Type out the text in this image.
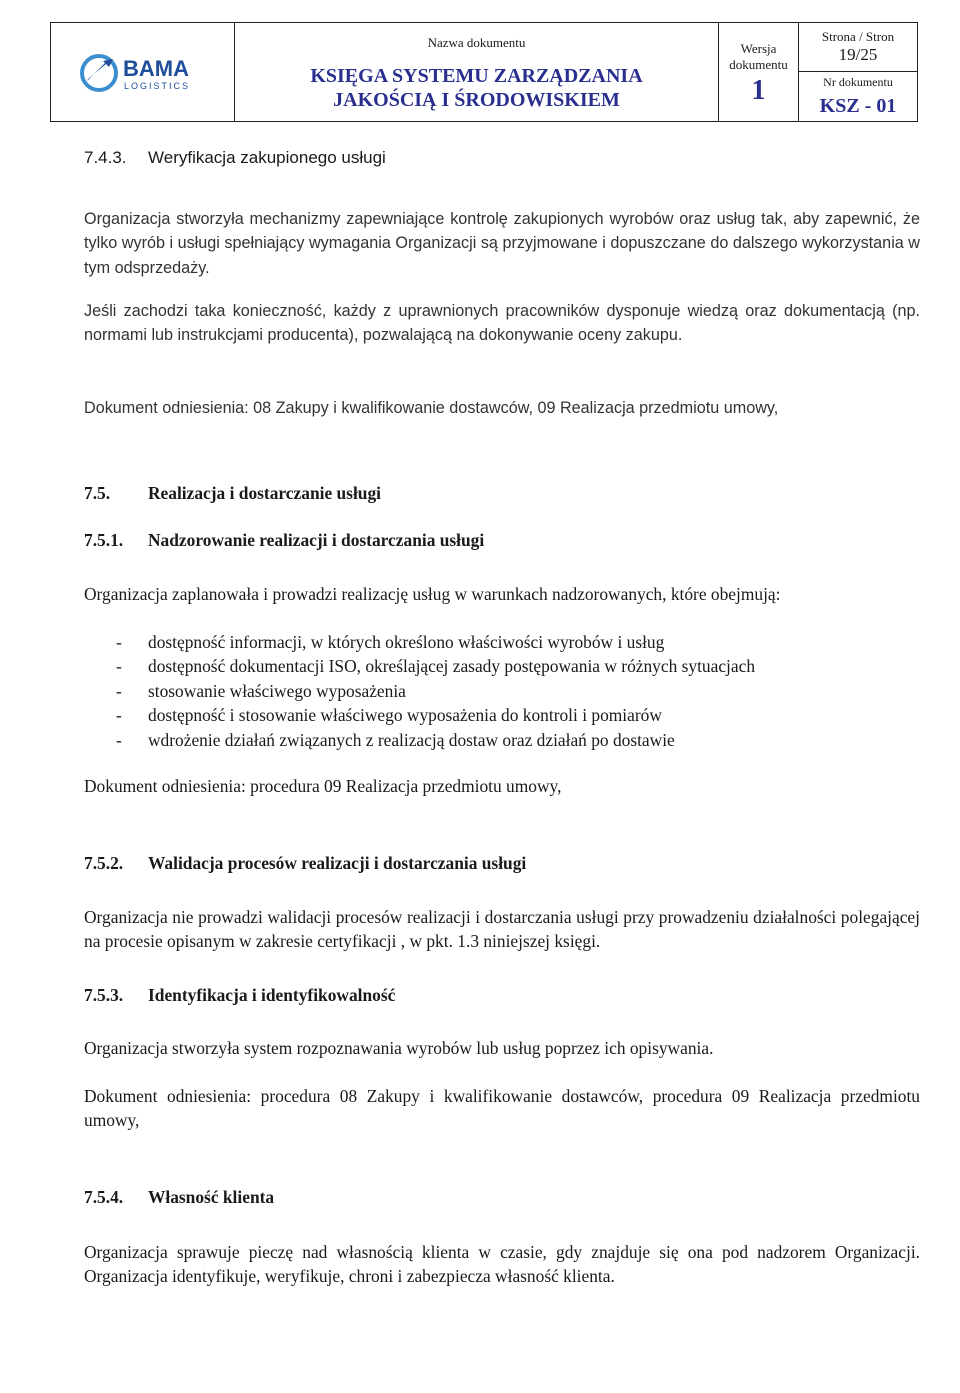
BAMA
LOGISTICS
Nazwa dokumentu
KSIĘGA SYSTEMU ZARZĄDZANIA
JAKOŚCIĄ I ŚRODOWISKIEM
Wersja
dokumentu
1
Strona / Stron
19/25
Nr dokumentu
KSZ - 01
7.4.3. Weryfikacja zakupionego usługi

Organizacja stworzyła mechanizmy zapewniające kontrolę zakupionych wyrobów oraz usług tak, aby zapewnić, że tylko wyrób i usługi spełniający wymagania Organizacji są przyjmowane i dopuszczane do dalszego wykorzystania w tym odsprzedaży.

Jeśli zachodzi taka konieczność, każdy z uprawnionych pracowników dysponuje wiedzą oraz dokumentacją (np. normami lub instrukcjami producenta), pozwalającą na dokonywanie oceny zakupu.

Dokument odniesienia: 08 Zakupy i kwalifikowanie dostawców, 09 Realizacja przedmiotu umowy,

7.5. Realizacja i dostarczanie usługi
7.5.1. Nadzorowanie realizacji i dostarczania usługi

Organizacja zaplanowała i prowadzi realizację usług w warunkach nadzorowanych, które obejmują:

- dostępność informacji, w których określono właściwości wyrobów i usług
- dostępność dokumentacji ISO, określającej zasady postępowania w różnych sytuacjach
- stosowanie właściwego wyposażenia
- dostępność i stosowanie właściwego wyposażenia do kontroli i pomiarów
- wdrożenie działań związanych z realizacją dostaw oraz działań po dostawie

Dokument odniesienia: procedura 09 Realizacja przedmiotu umowy,

7.5.2. Walidacja procesów realizacji i dostarczania usługi

Organizacja nie prowadzi walidacji procesów realizacji i dostarczania usługi przy prowadzeniu działalności polegającej na procesie opisanym w zakresie certyfikacji , w pkt. 1.3 niniejszej księgi.

7.5.3. Identyfikacja i identyfikowalność

Organizacja stworzyła system rozpoznawania wyrobów lub usług poprzez ich opisywania.

Dokument odniesienia: procedura 08 Zakupy i kwalifikowanie dostawców, procedura 09 Realizacja przedmiotu umowy,

7.5.4. Własność klienta

Organizacja sprawuje pieczę nad własnością klienta w czasie, gdy znajduje się ona pod nadzorem Organizacji. Organizacja identyfikuje, weryfikuje, chroni i zabezpiecza własność klienta.
